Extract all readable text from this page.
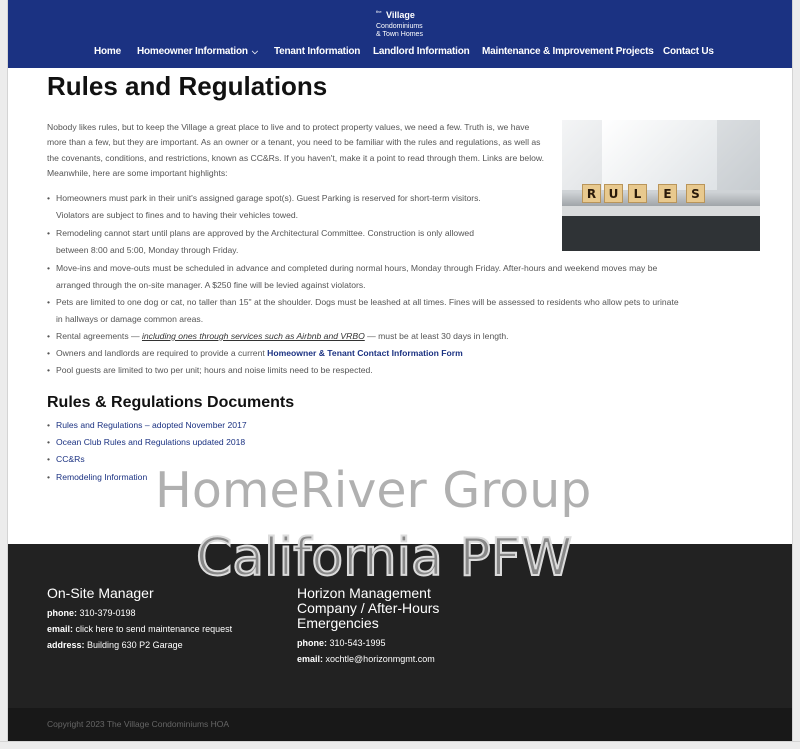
the Village
Condominiums
& Town Homes
Home Homeowner Information ⌵ Tenant Information Landlord Information Maintenance & Improvement Projects Contact Us
Rules and Regulations

Nobody likes rules, but to keep the Village a great place to live and to protect property values, we need a few. Truth is, we have more than a few, but they are important. As an owner or a tenant, you need to be familiar with the rules and regulations, as well as the covenants, conditions, and restrictions, known as CC&Rs. If you haven't, make it a point to read through them. Links are below. Meanwhile, here are some important highlights:

R	U	L	E	S
• Homeowners must park in their unit's assigned garage spot(s). Guest Parking is reserved for short-term visitors.
Violators are subject to fines and to having their vehicles towed.
• Remodeling cannot start until plans are approved by the Architectural Committee. Construction is only allowed
between 8:00 and 5:00, Monday through Friday.
• Move-ins and move-outs must be scheduled in advance and completed during normal hours, Monday through Friday. After-hours and weekend moves may be
arranged through the on-site manager. A $250 fine will be levied against violators.
• Pets are limited to one dog or cat, no taller than 15" at the shoulder. Dogs must be leashed at all times. Fines will be assessed to residents who allow pets to urinate
in hallways or damage common areas.
• Rental agreements — including ones through services such as Airbnb and VRBO — must be at least 30 days in length.
• Owners and landlords are required to provide a current Homeowner & Tenant Contact Information Form
• Pool guests are limited to two per unit; hours and noise limits need to be respected.
Rules & Regulations Documents
• Rules and Regulations – adopted November 2017
• Ocean Club Rules and Regulations updated 2018
• CC&Rs
• Remodeling Information
On-Site Manager
phone: 310-379-0198
email: click here to send maintenance request
address: Building 630 P2 Garage
Horizon Management
Company / After-Hours
Emergencies
phone: 310-543-1995
email: xochtle@horizonmgmt.com
Copyright 2023 The Village Condominiums HOA
HomeRiver Group
California PFW
